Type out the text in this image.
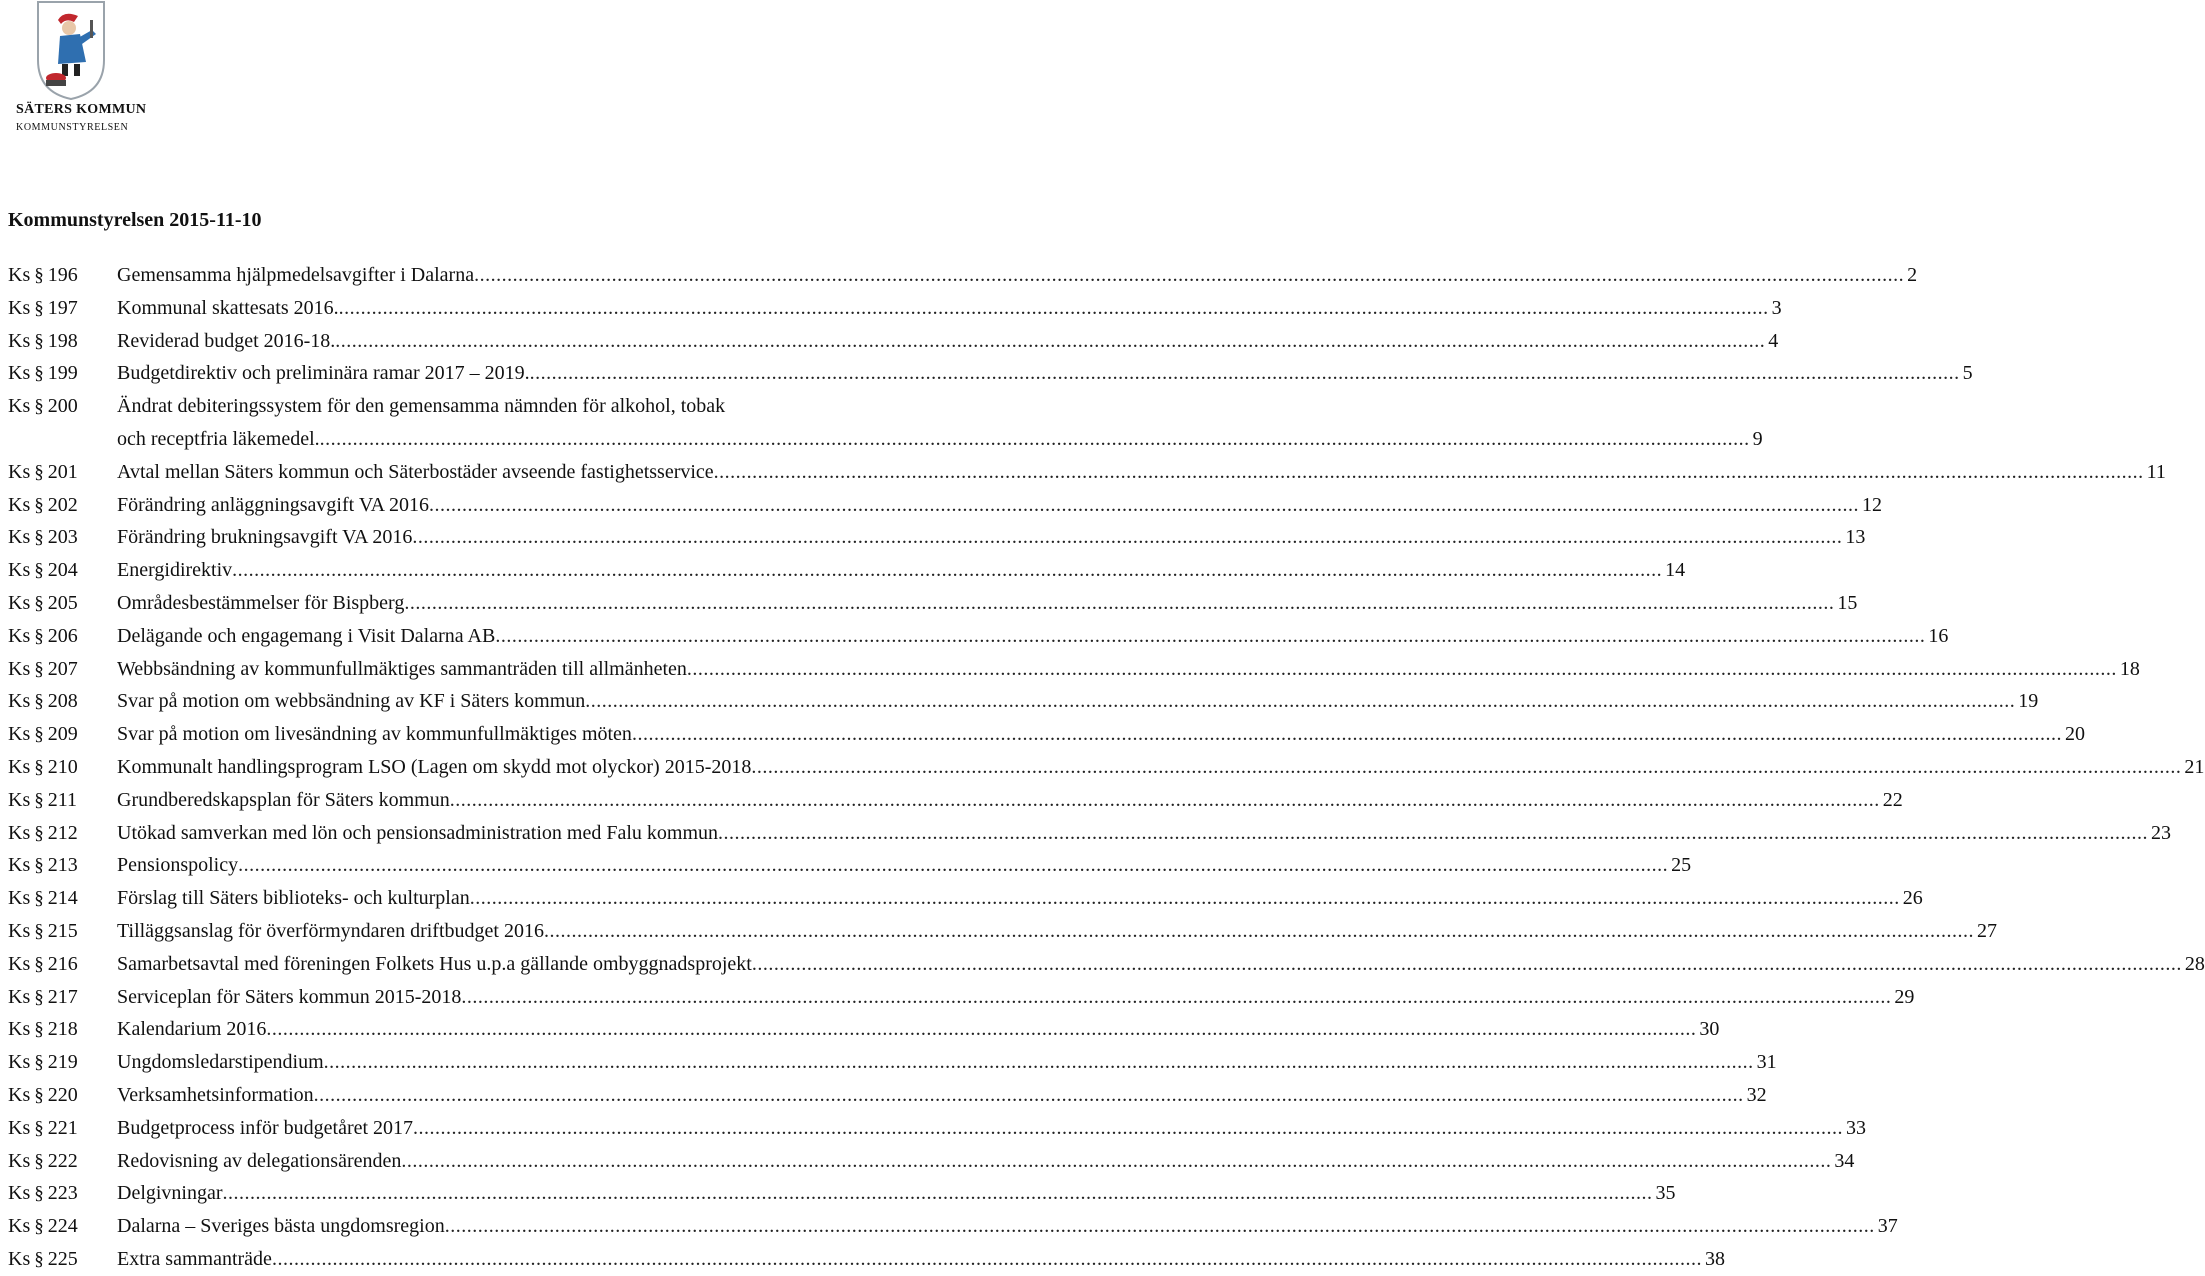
SÄTERS KOMMUN
KOMMUNSTYRELSEN
Kommunstyrelsen 2015-11-10
Ks § 196	Gemensamma hjälpmedelsavgifter i Dalarna .................................................................................................................................................................................................................................................................... 2
Ks § 197	Kommunal skattesats 2016. .................................................................................................................................................................................................................................................................... 3
Ks § 198	Reviderad budget 2016-18. .................................................................................................................................................................................................................................................................... 4
Ks § 199	Budgetdirektiv och preliminära ramar 2017 – 2019. .................................................................................................................................................................................................................................................................... 5
Ks § 200	Ändrat debiteringssystem för den gemensamma nämnden för alkohol, tobak
och receptfria läkemedel. .................................................................................................................................................................................................................................................................... 9
Ks § 201	Avtal mellan Säters kommun och Säterbostäder avseende fastighetsservice .................................................................................................................................................................................................................................................................... 11
Ks § 202	Förändring anläggningsavgift VA 2016 .................................................................................................................................................................................................................................................................... 12
Ks § 203	Förändring brukningsavgift VA 2016 .................................................................................................................................................................................................................................................................... 13
Ks § 204	Energidirektiv .................................................................................................................................................................................................................................................................... 14
Ks § 205	Områdesbestämmelser för Bispberg .................................................................................................................................................................................................................................................................... 15
Ks § 206	Delägande och engagemang i Visit Dalarna AB .................................................................................................................................................................................................................................................................... 16
Ks § 207	Webbsändning av kommunfullmäktiges sammanträden till allmänheten .................................................................................................................................................................................................................................................................... 18
Ks § 208	Svar på motion om webbsändning av KF i Säters kommun .................................................................................................................................................................................................................................................................... 19
Ks § 209	Svar på motion om livesändning av kommunfullmäktiges möten .................................................................................................................................................................................................................................................................... 20
Ks § 210	Kommunalt handlingsprogram LSO (Lagen om skydd mot olyckor) 2015-2018 .................................................................................................................................................................................................................................................................... 21
Ks § 211	Grundberedskapsplan för Säters kommun .................................................................................................................................................................................................................................................................... 22
Ks § 212	Utökad samverkan med lön och pensionsadministration med Falu kommun .................................................................................................................................................................................................................................................................... 23
Ks § 213	Pensionspolicy .................................................................................................................................................................................................................................................................... 25
Ks § 214	Förslag till Säters biblioteks- och kulturplan .................................................................................................................................................................................................................................................................... 26
Ks § 215	Tilläggsanslag för överförmyndaren driftbudget 2016 .................................................................................................................................................................................................................................................................... 27
Ks § 216	Samarbetsavtal med föreningen Folkets Hus u.p.a gällande ombyggnadsprojekt .................................................................................................................................................................................................................................................................... 28
Ks § 217	Serviceplan för Säters kommun 2015-2018 .................................................................................................................................................................................................................................................................... 29
Ks § 218	Kalendarium 2016 .................................................................................................................................................................................................................................................................... 30
Ks § 219	Ungdomsledarstipendium .................................................................................................................................................................................................................................................................... 31
Ks § 220	Verksamhetsinformation .................................................................................................................................................................................................................................................................... 32
Ks § 221	Budgetprocess inför budgetåret 2017 .................................................................................................................................................................................................................................................................... 33
Ks § 222	Redovisning av delegationsärenden .................................................................................................................................................................................................................................................................... 34
Ks § 223	Delgivningar .................................................................................................................................................................................................................................................................... 35
Ks § 224	Dalarna – Sveriges bästa ungdomsregion .................................................................................................................................................................................................................................................................... 37
Ks § 225	Extra sammanträde .................................................................................................................................................................................................................................................................... 38
